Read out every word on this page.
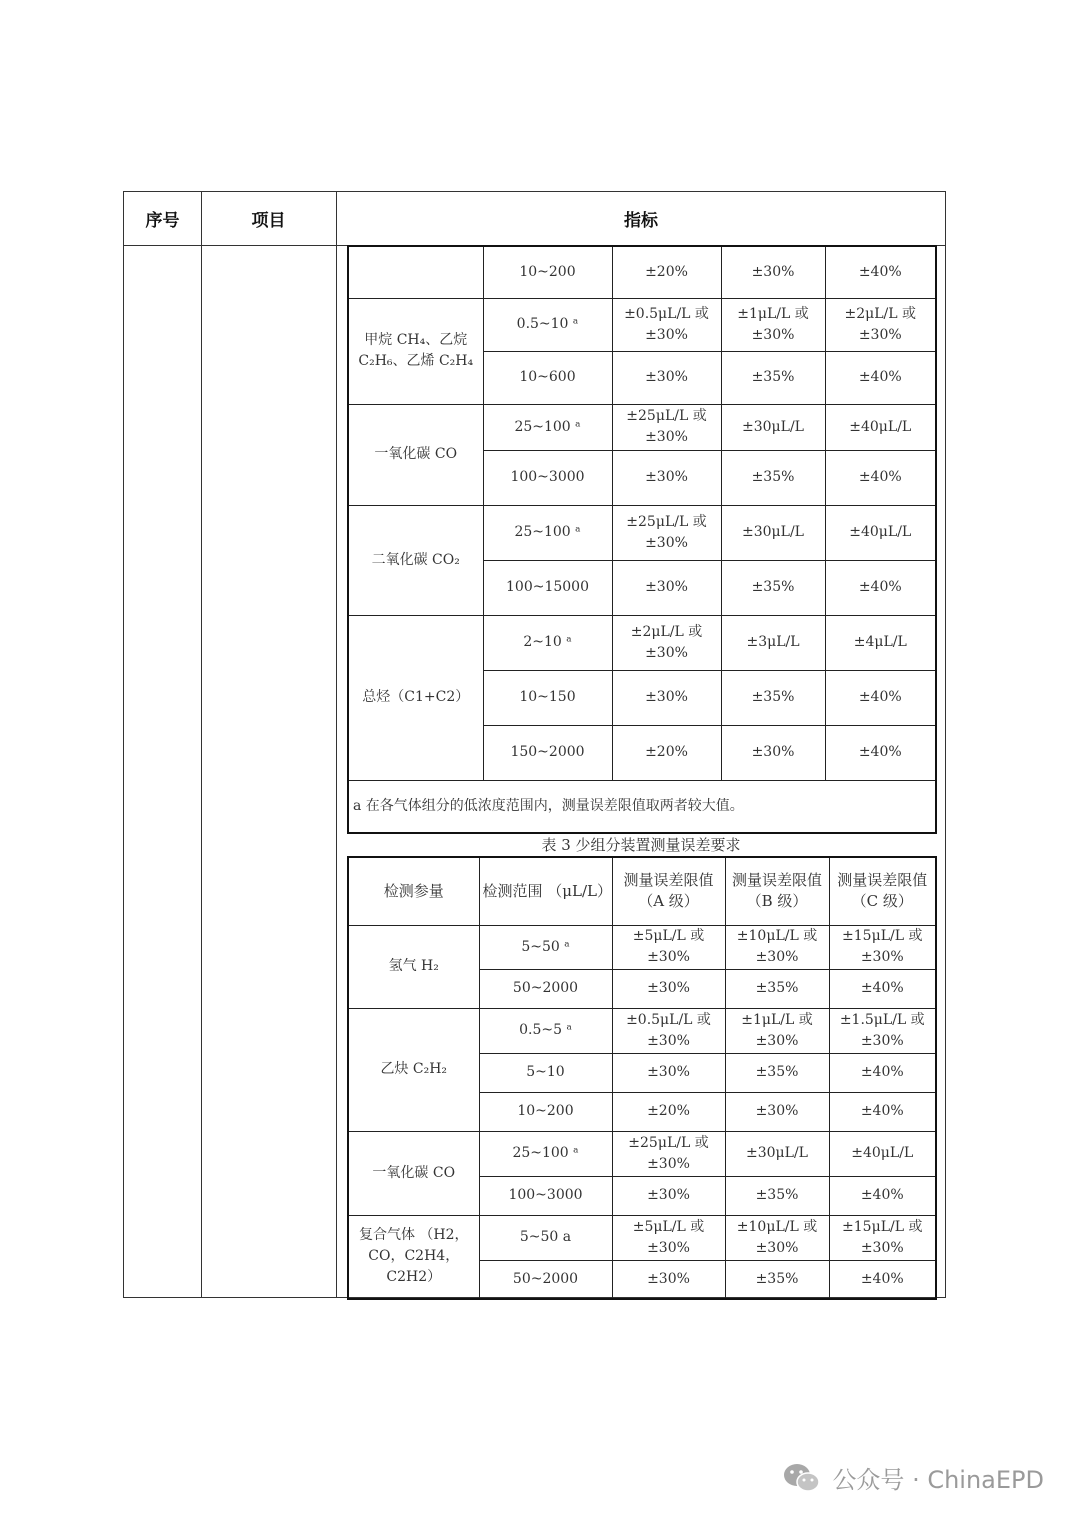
序号	项目	指标
	10~200	±20%	±30%	±40%
甲烷 CH₄、乙烷 C₂H₆、乙烯 C₂H₄	0.5~10 ᵃ	±0.5μL/L 或±30%	±1μL/L 或±30%	±2μL/L 或±30%
	10~600	±30%	±35%	±40%
一氧化碳 CO	25~100 ᵃ	±25μL/L 或±30%	±30μL/L	±40μL/L
	100~3000	±30%	±35%	±40%
二氧化碳 CO₂	25~100 ᵃ	±25μL/L 或±30%	±30μL/L	±40μL/L
	100~15000	±30%	±35%	±40%
总烃（C1+C2）	2~10 ᵃ	±2μL/L 或±30%	±3μL/L	±4μL/L
	10~150	±30%	±35%	±40%
	150~2000	±20%	±30%	±40%
a 在各气体组分的低浓度范围内，测量误差限值取两者较大值。				
表 3 少组分装置测量误差要求
检测参量	检测范围 （μL/L）	测量误差限值 （A 级）	测量误差限值 （B 级）	测量误差限值 （C 级）
氢气 H₂	5~50 ᵃ	±5μL/L 或±30%	±10μL/L 或±30%	±15μL/L 或±30%
	50~2000	±30%	±35%	±40%
乙炔 C₂H₂	0.5~5 ᵃ	±0.5μL/L 或±30%	±1μL/L 或±30%	±1.5μL/L 或±30%
	5~10	±30%	±35%	±40%
	10~200	±20%	±30%	±40%
一氧化碳 CO	25~100 ᵃ	±25μL/L 或±30%	±30μL/L	±40μL/L
	100~3000	±30%	±35%	±40%
复合气体 （H2，CO，C2H4，C2H2）	5~50 a	±5μL/L 或±30%	±10μL/L 或±30%	±15μL/L 或±30%
	50~2000	±30%	±35%	±40%
公众号 · ChinaEPD
